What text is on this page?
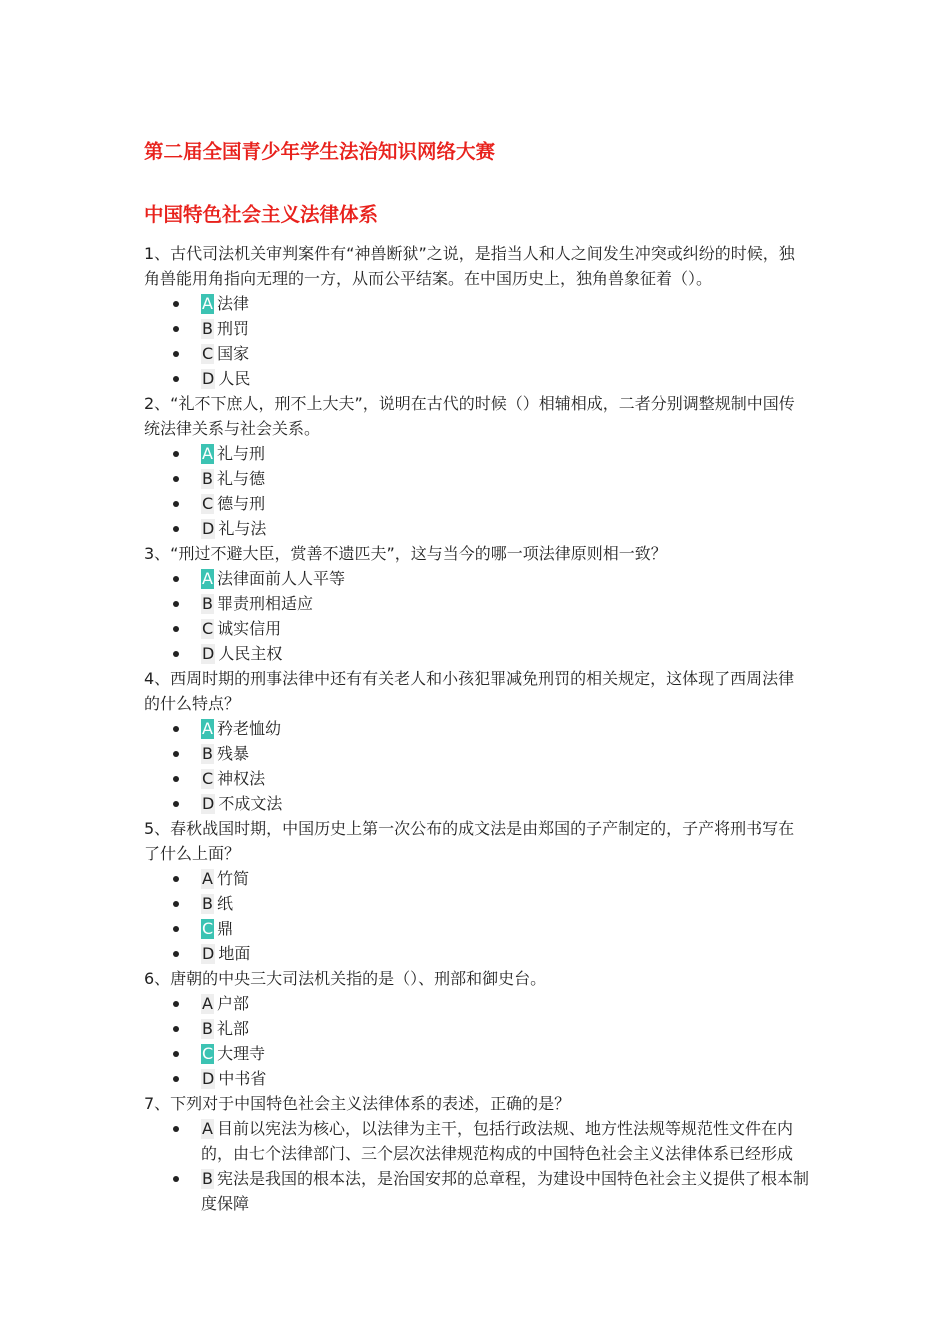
第二届全国青少年学生法治知识网络大赛
中国特色社会主义法律体系

1、古代司法机关审判案件有“神兽断狱”之说，是指当人和人之间发生冲突或纠纷的时候，独角兽能用角指向无理的一方，从而公平结案。在中国历史上，独角兽象征着（）。

A 法律
B 刑罚
C 国家
D 人民

2、“礼不下庶人，刑不上大夫”，说明在古代的时候（）相辅相成，二者分别调整规制中国传统法律关系与社会关系。

A 礼与刑
B 礼与德
C 德与刑
D 礼与法

3、“刑过不避大臣，赏善不遗匹夫”，这与当今的哪一项法律原则相一致？

A 法律面前人人平等
B 罪责刑相适应
C 诚实信用
D 人民主权

4、西周时期的刑事法律中还有有关老人和小孩犯罪减免刑罚的相关规定，这体现了西周法律的什么特点？

A 矜老恤幼
B 残暴
C 神权法
D 不成文法

5、春秋战国时期，中国历史上第一次公布的成文法是由郑国的子产制定的，子产将刑书写在了什么上面？

A 竹简
B 纸
C 鼎
D 地面

6、唐朝的中央三大司法机关指的是（）、刑部和御史台。

A 户部
B 礼部
C 大理寺
D 中书省

7、下列对于中国特色社会主义法律体系的表述，正确的是？

A 目前以宪法为核心，以法律为主干，包括行政法规、地方性法规等规范性文件在内的，由七个法律部门、三个层次法律规范构成的中国特色社会主义法律体系已经形成
B 宪法是我国的根本法，是治国安邦的总章程，为建设中国特色社会主义提供了根本制度保障
